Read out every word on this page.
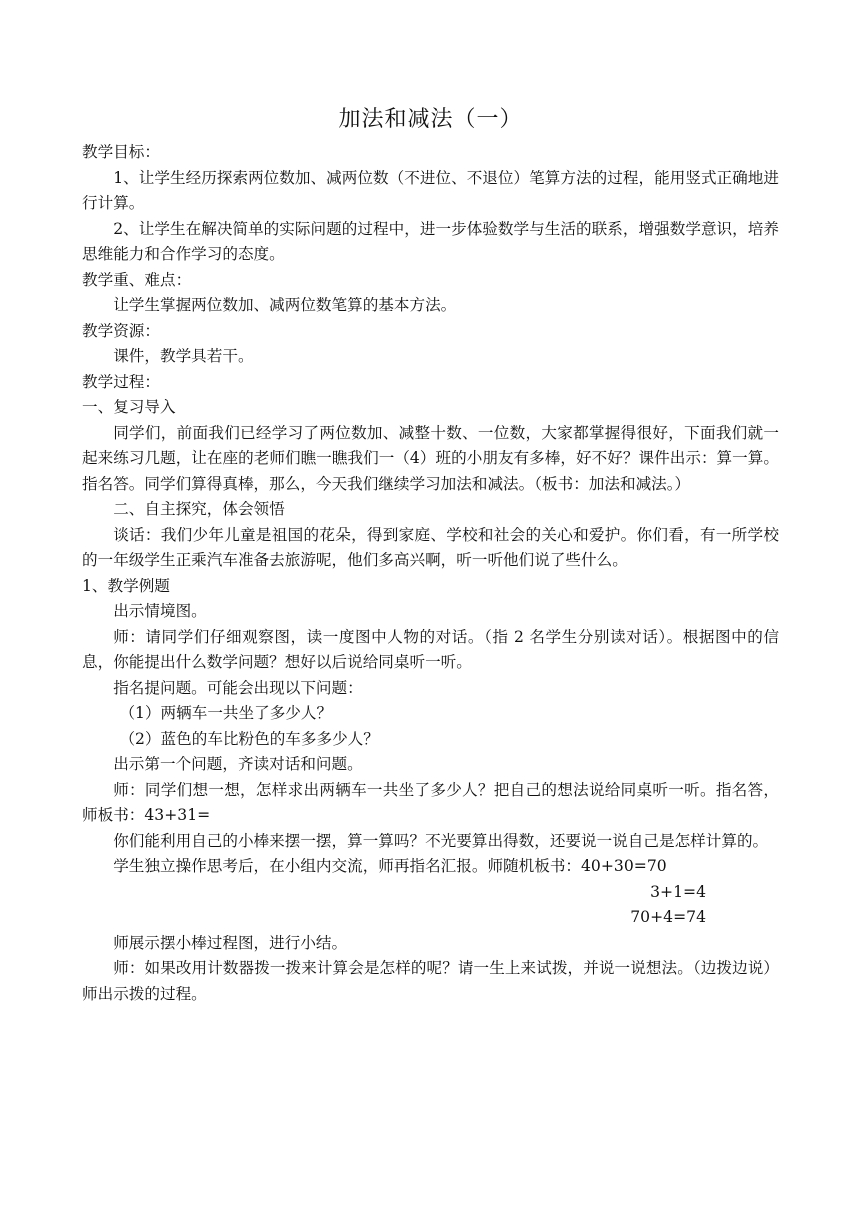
加法和减法（一）

教学目标：

1、让学生经历探索两位数加、减两位数（不进位、不退位）笔算方法的过程，能用竖式正确地进行计算。

2、让学生在解决简单的实际问题的过程中，进一步体验数学与生活的联系，增强数学意识，培养思维能力和合作学习的态度。

教学重、难点：

让学生掌握两位数加、减两位数笔算的基本方法。

教学资源：

课件，教学具若干。

教学过程：

一、复习导入

同学们，前面我们已经学习了两位数加、减整十数、一位数，大家都掌握得很好，下面我们就一起来练习几题，让在座的老师们瞧一瞧我们一（4）班的小朋友有多棒，好不好？课件出示：算一算。指名答。同学们算得真棒，那么，今天我们继续学习加法和减法。（板书：加法和减法。）

二、自主探究，体会领悟

谈话：我们少年儿童是祖国的花朵，得到家庭、学校和社会的关心和爱护。你们看，有一所学校的一年级学生正乘汽车准备去旅游呢，他们多高兴啊，听一听他们说了些什么。

1、教学例题

出示情境图。

师：请同学们仔细观察图，读一度图中人物的对话。（指 2 名学生分别读对话）。根据图中的信息，你能提出什么数学问题？想好以后说给同桌听一听。

指名提问题。可能会出现以下问题：

（1）两辆车一共坐了多少人？

（2）蓝色的车比粉色的车多多少人？

出示第一个问题，齐读对话和问题。

师：同学们想一想，怎样求出两辆车一共坐了多少人？把自己的想法说给同桌听一听。指名答，师板书：43+31=

你们能利用自己的小棒来摆一摆，算一算吗？不光要算出得数，还要说一说自己是怎样计算的。

学生独立操作思考后，在小组内交流，师再指名汇报。师随机板书：40+30=70

3+1=4

70+4=74

师展示摆小棒过程图，进行小结。

师：如果改用计数器拨一拨来计算会是怎样的呢？请一生上来试拨，并说一说想法。（边拨边说）师出示拨的过程。
